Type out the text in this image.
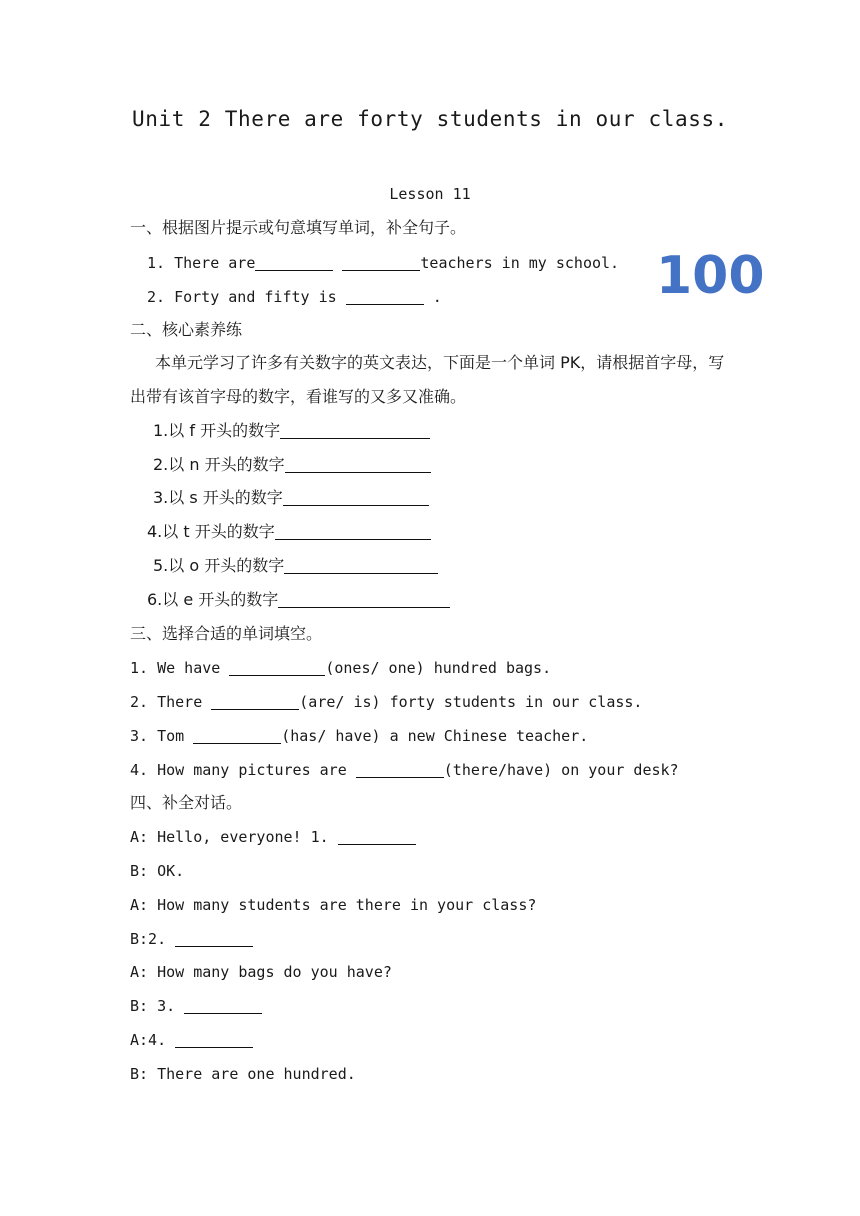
Unit 2 There are forty students in our class.
Lesson 11
100
一、根据图片提示或句意填写单词，补全句子。
1. There are	teachers in my school.
2. Forty and fifty is	.
二、核心素养练
本单元学习了许多有关数字的英文表达，下面是一个单词 PK，请根据首字母，写出带有该首字母的数字，看谁写的又多又准确。
1.以 f 开头的数字
2.以 n 开头的数字
3.以 s 开头的数字
4.以 t 开头的数字
5.以 o 开头的数字
6.以 e 开头的数字
三、选择合适的单词填空。
1. We have	(ones/ one) hundred bags.
2. There	(are/ is) forty students in our class.
3. Tom	(has/ have) a new Chinese teacher.
4. How many pictures are	(there/have) on your desk?
四、补全对话。
A: Hello, everyone! 1.
B: OK.
A: How many students are there in your class?
B:2.
A: How many bags do you have?
B: 3.
A:4.
B: There are one hundred.
